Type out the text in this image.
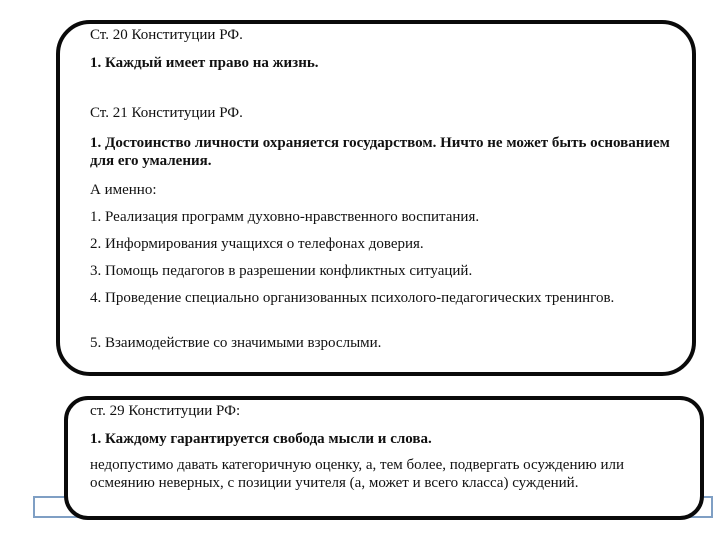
Ст. 20 Конституции РФ.

1. Каждый имеет право на жизнь.

Ст. 21 Конституции РФ.

1. Достоинство личности охраняется государством. Ничто не может быть основанием для его умаления.

А именно:

1. Реализация программ духовно-нравственного воспитания.

2. Информирования учащихся о телефонах доверия.

3. Помощь педагогов в разрешении конфликтных ситуаций.

4. Проведение специально организованных психолого-педагогических тренингов.

5. Взаимодействие со значимыми взрослыми.

ст. 29 Конституции РФ:

1. Каждому гарантируется свобода мысли и слова.

недопустимо давать категоричную оценку, а, тем более, подвергать осуждению или осмеянию неверных, с позиции учителя (а, может и всего класса) суждений.
